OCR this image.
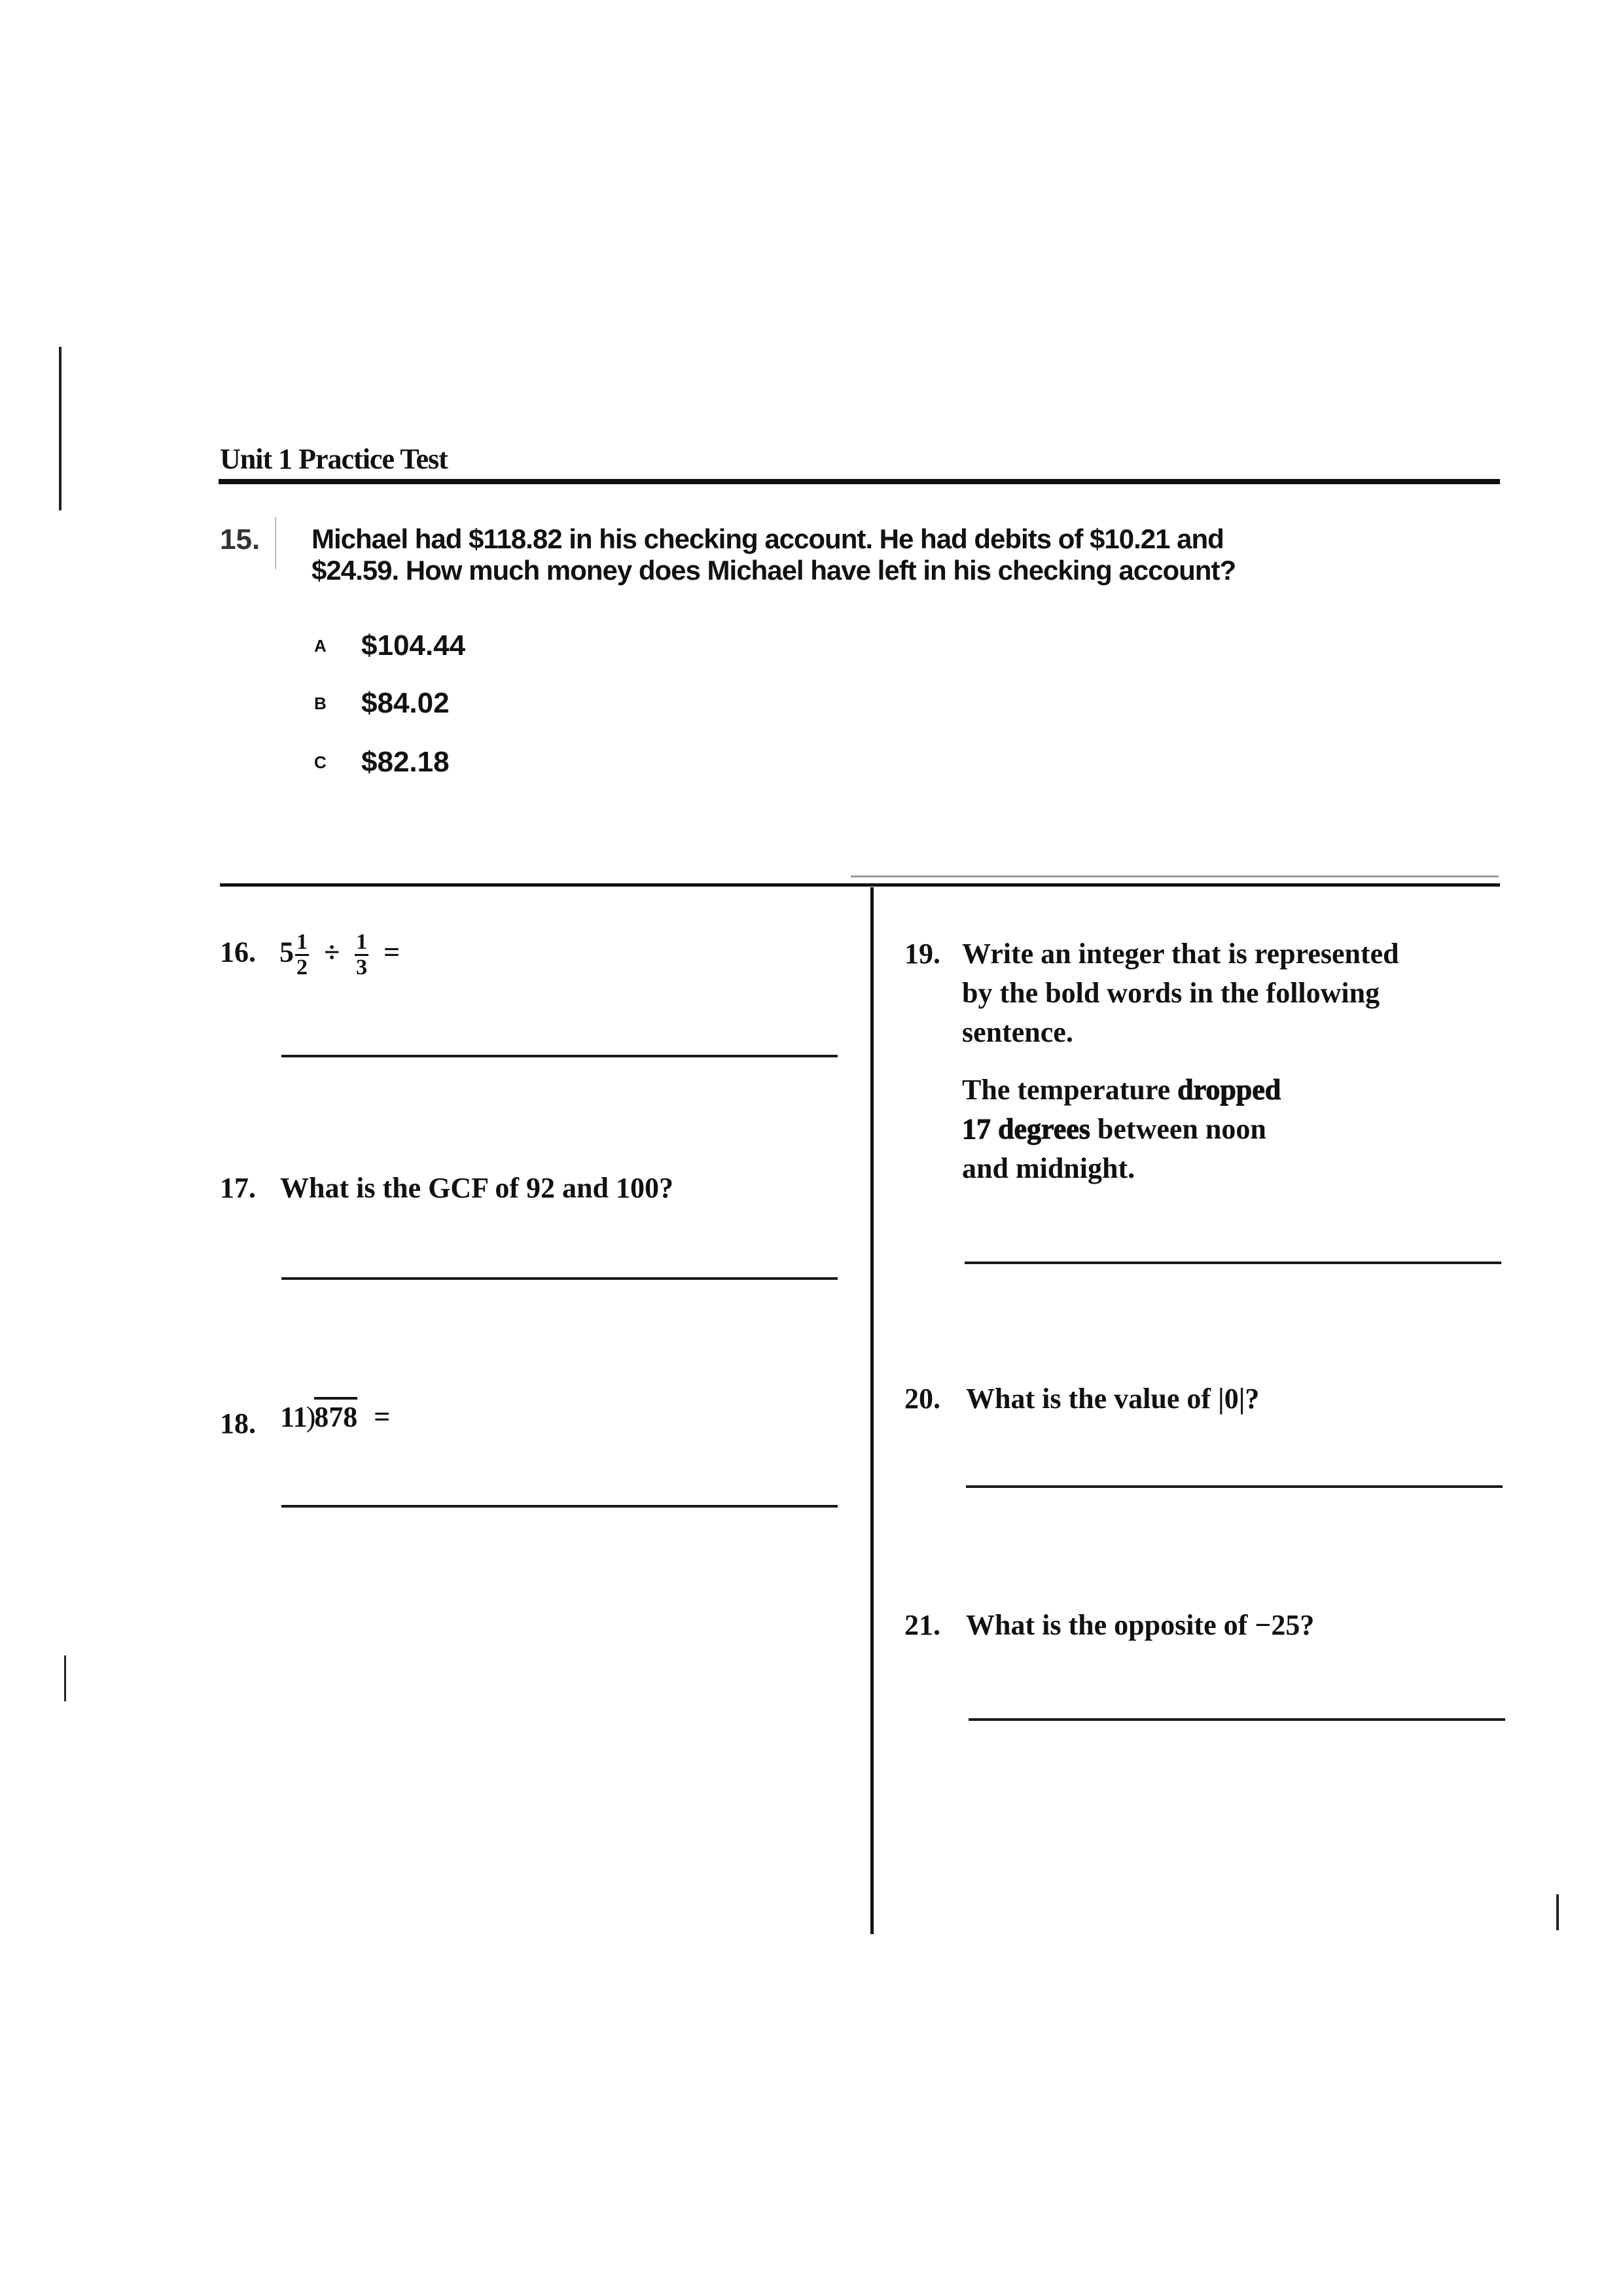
Unit 1 Practice Test
15. Michael had $118.82 in his checking account. He had debits of $10.21 and
$24.59. How much money does Michael have left in his checking account?
A $104.44
B $84.02
C $82.18
16. $5 \frac{1}{2} \div \frac{1}{3}$ =
17. What is the GCF of 92 and 100?
18. 11)878 =
19. Write an integer that is represented
by the bold words in the following
sentence.
The temperature dropped
17 degrees between noon
and midnight.
20. What is the value of |0|?
21. What is the opposite of −25?
